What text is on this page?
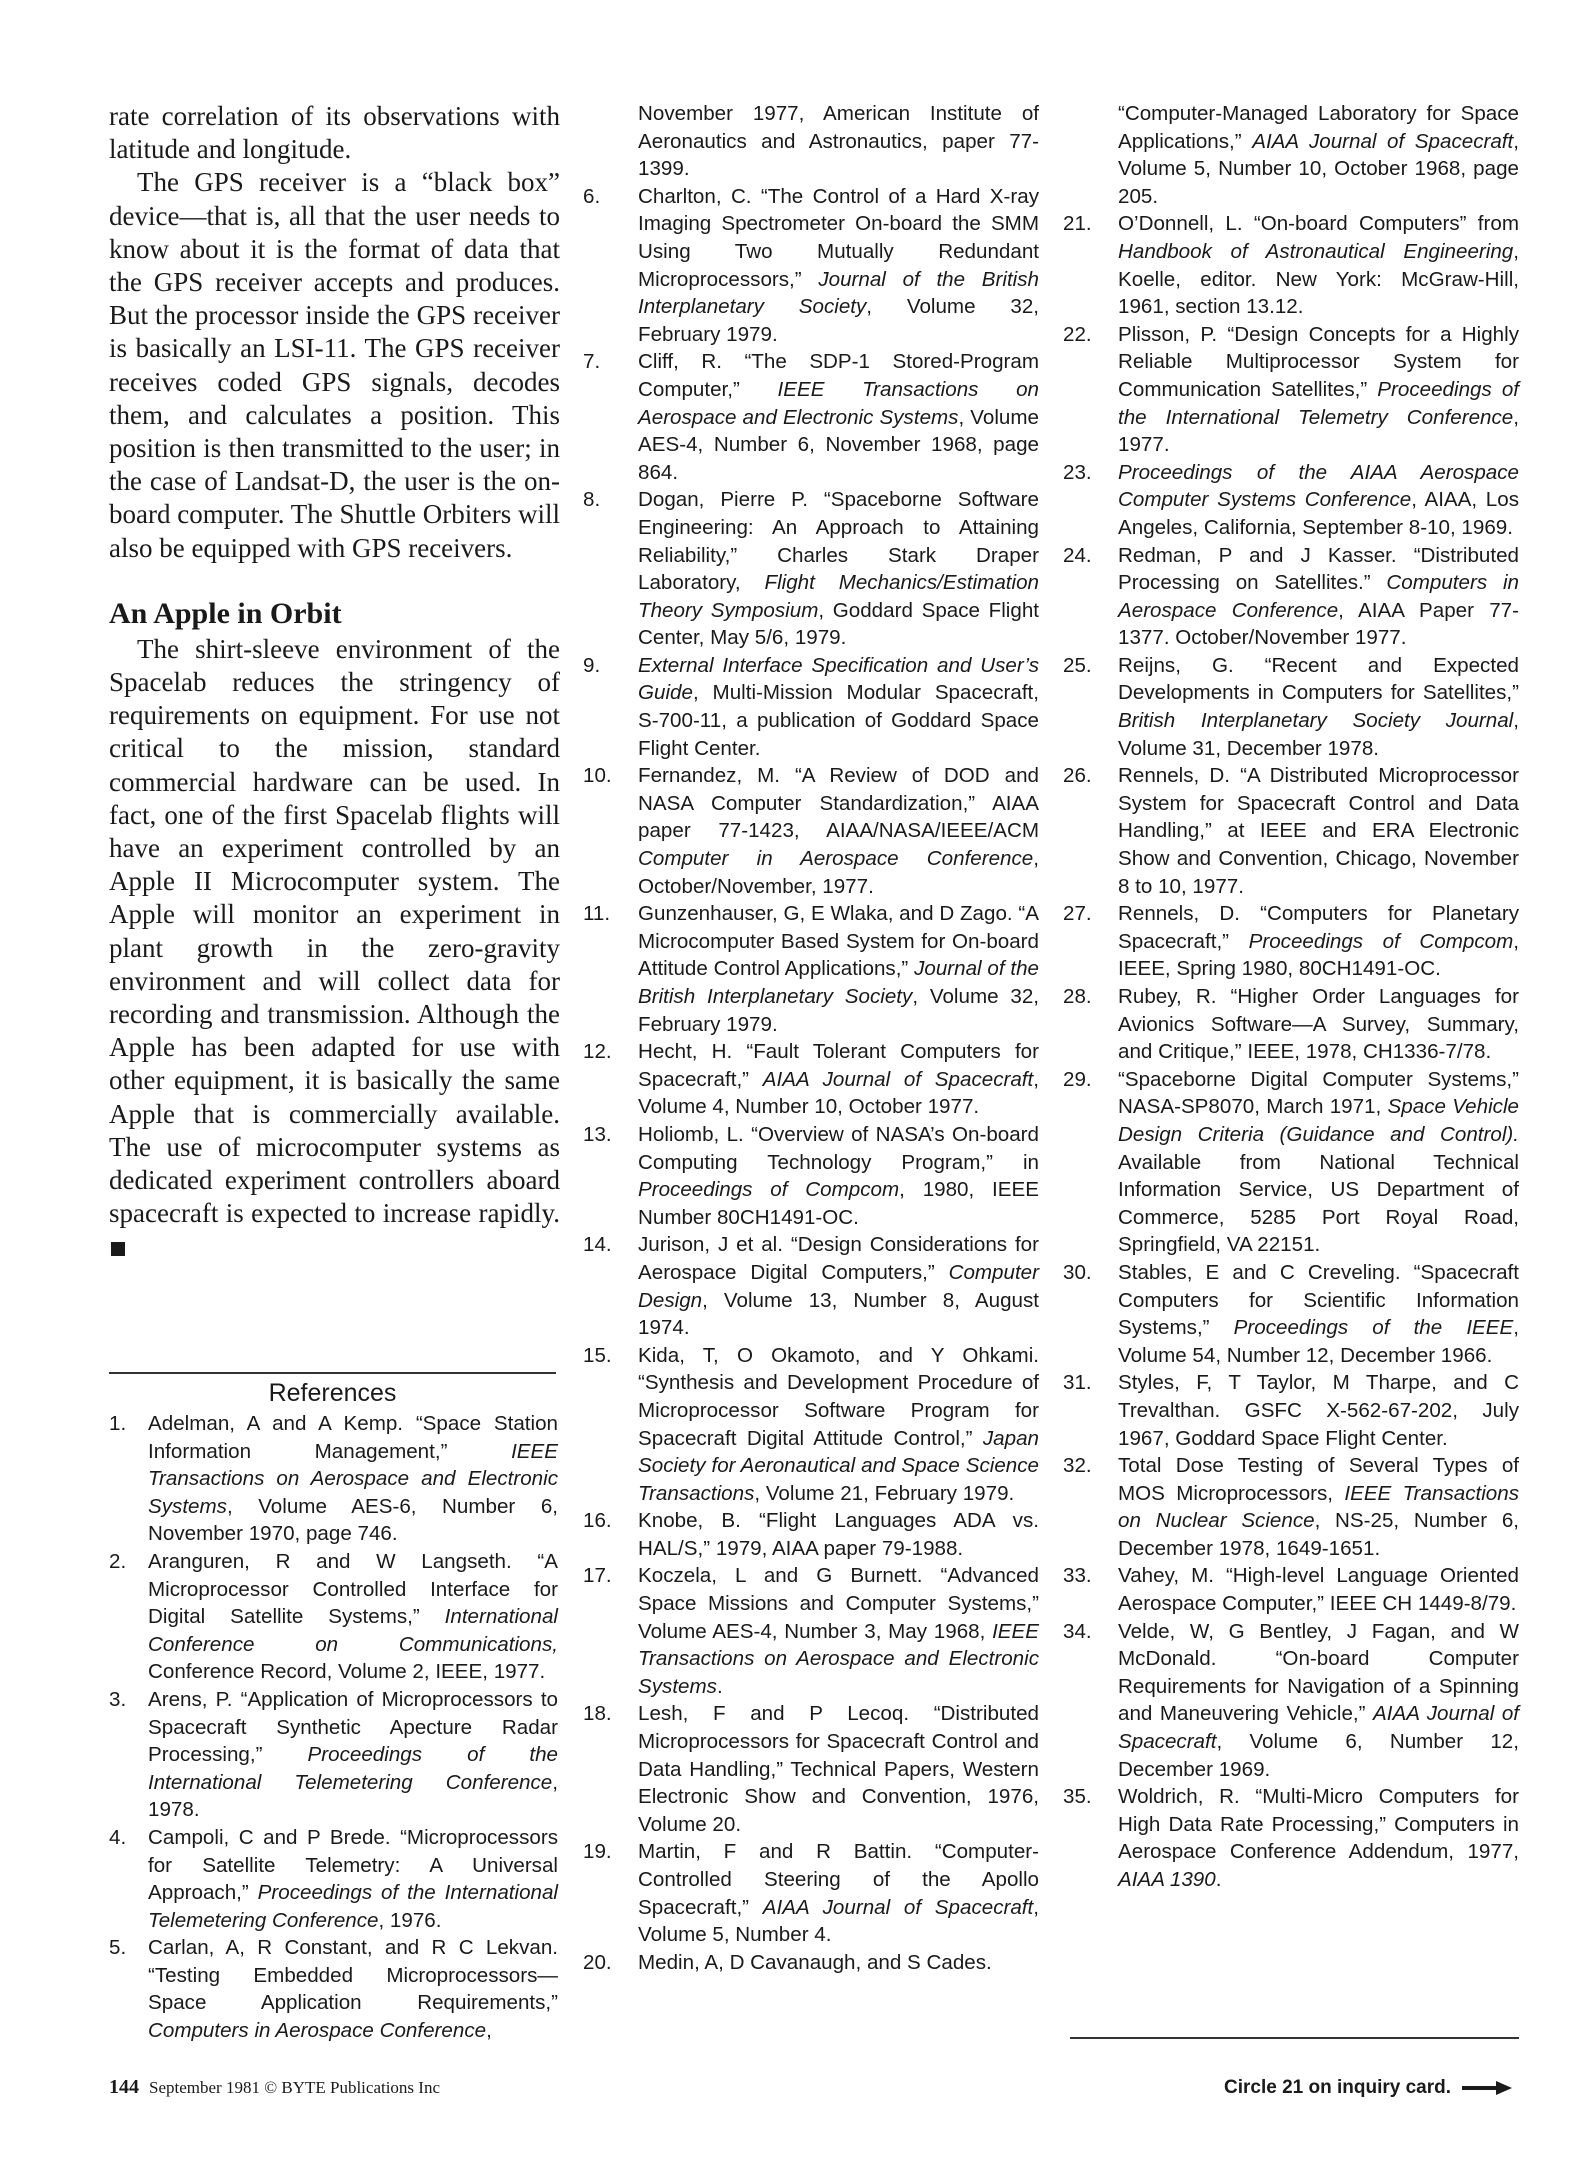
rate correlation of its observations with latitude and longitude.

The GPS receiver is a “black box” device—that is, all that the user needs to know about it is the format of data that the GPS receiver accepts and produces. But the processor inside the GPS receiver is basically an LSI-11. The GPS receiver receives coded GPS signals, decodes them, and calculates a position. This position is then transmitted to the user; in the case of Landsat-D, the user is the on-board computer. The Shuttle Orbiters will also be equipped with GPS receivers.

An Apple in Orbit

The shirt-sleeve environment of the Spacelab reduces the stringency of requirements on equipment. For use not critical to the mission, standard commercial hardware can be used. In fact, one of the first Spacelab flights will have an experiment controlled by an Apple II Microcomputer system. The Apple will monitor an experiment in plant growth in the zero-gravity environment and will collect data for recording and transmission. Although the Apple has been adapted for use with other equipment, it is basically the same Apple that is commercially available. The use of microcomputer systems as dedicated experiment controllers aboard spacecraft is expected to increase rapidly.

References
1. Adelman, A and A Kemp. “Space Station Information Management,” IEEE Transactions on Aerospace and Electronic Systems, Volume AES-6, Number 6, November 1970, page 746.
2. Aranguren, R and W Langseth. “A Microprocessor Controlled Interface for Digital Satellite Systems,” International Conference on Communications, Conference Record, Volume 2, IEEE, 1977.
3. Arens, P. “Application of Microprocessors to Spacecraft Synthetic Apecture Radar Processing,” Proceedings of the International Telemetering Conference, 1978.
4. Campoli, C and P Brede. “Microprocessors for Satellite Telemetry: A Universal Approach,” Proceedings of the International Telemetering Conference, 1976.
5. Carlan, A, R Constant, and R C Lekvan. “Testing Embedded Microprocessors—Space Application Requirements,” Computers in Aerospace Conference,
November 1977, American Institute of Aeronautics and Astronautics, paper 77-1399.
6. Charlton, C. “The Control of a Hard X-ray Imaging Spectrometer On-board the SMM Using Two Mutually Redundant Microprocessors,” Journal of the British Interplanetary Society, Volume 32, February 1979.
7. Cliff, R. “The SDP-1 Stored-Program Computer,” IEEE Transactions on Aerospace and Electronic Systems, Volume AES-4, Number 6, November 1968, page 864.
8. Dogan, Pierre P. “Spaceborne Software Engineering: An Approach to Attaining Reliability,” Charles Stark Draper Laboratory, Flight Mechanics/Estimation Theory Symposium, Goddard Space Flight Center, May 5/6, 1979.
9. External Interface Specification and User’s Guide, Multi-Mission Modular Spacecraft, S-700-11, a publication of Goddard Space Flight Center.
10. Fernandez, M. “A Review of DOD and NASA Computer Standardization,” AIAA paper 77-1423, AIAA/NASA/IEEE/ACM Computer in Aerospace Conference, October/November, 1977.
11. Gunzenhauser, G, E Wlaka, and D Zago. “A Microcomputer Based System for On-board Attitude Control Applications,” Journal of the British Interplanetary Society, Volume 32, February 1979.
12. Hecht, H. “Fault Tolerant Computers for Spacecraft,” AIAA Journal of Spacecraft, Volume 4, Number 10, October 1977.
13. Holiomb, L. “Overview of NASA’s On-board Computing Technology Program,” in Proceedings of Compcom, 1980, IEEE Number 80CH1491-OC.
14. Jurison, J et al. “Design Considerations for Aerospace Digital Computers,” Computer Design, Volume 13, Number 8, August 1974.
15. Kida, T, O Okamoto, and Y Ohkami. “Synthesis and Development Procedure of Microprocessor Software Program for Spacecraft Digital Attitude Control,” Japan Society for Aeronautical and Space Science Transactions, Volume 21, February 1979.
16. Knobe, B. “Flight Languages ADA vs. HAL/S,” 1979, AIAA paper 79-1988.
17. Koczela, L and G Burnett. “Advanced Space Missions and Computer Systems,” Volume AES-4, Number 3, May 1968, IEEE Transactions on Aerospace and Electronic Systems.
18. Lesh, F and P Lecoq. “Distributed Microprocessors for Spacecraft Control and Data Handling,” Technical Papers, Western Electronic Show and Convention, 1976, Volume 20.
19. Martin, F and R Battin. “Computer-Controlled Steering of the Apollo Spacecraft,” AIAA Journal of Spacecraft, Volume 5, Number 4.
20. Medin, A, D Cavanaugh, and S Cades.
“Computer-Managed Laboratory for Space Applications,” AIAA Journal of Spacecraft, Volume 5, Number 10, October 1968, page 205.
21. O’Donnell, L. “On-board Computers” from Handbook of Astronautical Engineering, Koelle, editor. New York: McGraw-Hill, 1961, section 13.12.
22. Plisson, P. “Design Concepts for a Highly Reliable Multiprocessor System for Communication Satellites,” Proceedings of the International Telemetry Conference, 1977.
23. Proceedings of the AIAA Aerospace Computer Systems Conference, AIAA, Los Angeles, California, September 8-10, 1969.
24. Redman, P and J Kasser. “Distributed Processing on Satellites.” Computers in Aerospace Conference, AIAA Paper 77-1377. October/November 1977.
25. Reijns, G. “Recent and Expected Developments in Computers for Satellites,” British Interplanetary Society Journal, Volume 31, December 1978.
26. Rennels, D. “A Distributed Microprocessor System for Spacecraft Control and Data Handling,” at IEEE and ERA Electronic Show and Convention, Chicago, November 8 to 10, 1977.
27. Rennels, D. “Computers for Planetary Spacecraft,” Proceedings of Compcom, IEEE, Spring 1980, 80CH1491-OC.
28. Rubey, R. “Higher Order Languages for Avionics Software—A Survey, Summary, and Critique,” IEEE, 1978, CH1336-7/78.
29. “Spaceborne Digital Computer Systems,” NASA-SP8070, March 1971, Space Vehicle Design Criteria (Guidance and Control). Available from National Technical Information Service, US Department of Commerce, 5285 Port Royal Road, Springfield, VA 22151.
30. Stables, E and C Creveling. “Spacecraft Computers for Scientific Information Systems,” Proceedings of the IEEE, Volume 54, Number 12, December 1966.
31. Styles, F, T Taylor, M Tharpe, and C Trevalthan. GSFC X-562-67-202, July 1967, Goddard Space Flight Center.
32. Total Dose Testing of Several Types of MOS Microprocessors, IEEE Transactions on Nuclear Science, NS-25, Number 6, December 1978, 1649-1651.
33. Vahey, M. “High-level Language Oriented Aerospace Computer,” IEEE CH 1449-8/79.
34. Velde, W, G Bentley, J Fagan, and W McDonald. “On-board Computer Requirements for Navigation of a Spinning and Maneuvering Vehicle,” AIAA Journal of Spacecraft, Volume 6, Number 12, December 1969.
35. Woldrich, R. “Multi-Micro Computers for High Data Rate Processing,” Computers in Aerospace Conference Addendum, 1977, AIAA 1390.
144 September 1981 © BYTE Publications Inc	Circle 21 on inquiry card.
